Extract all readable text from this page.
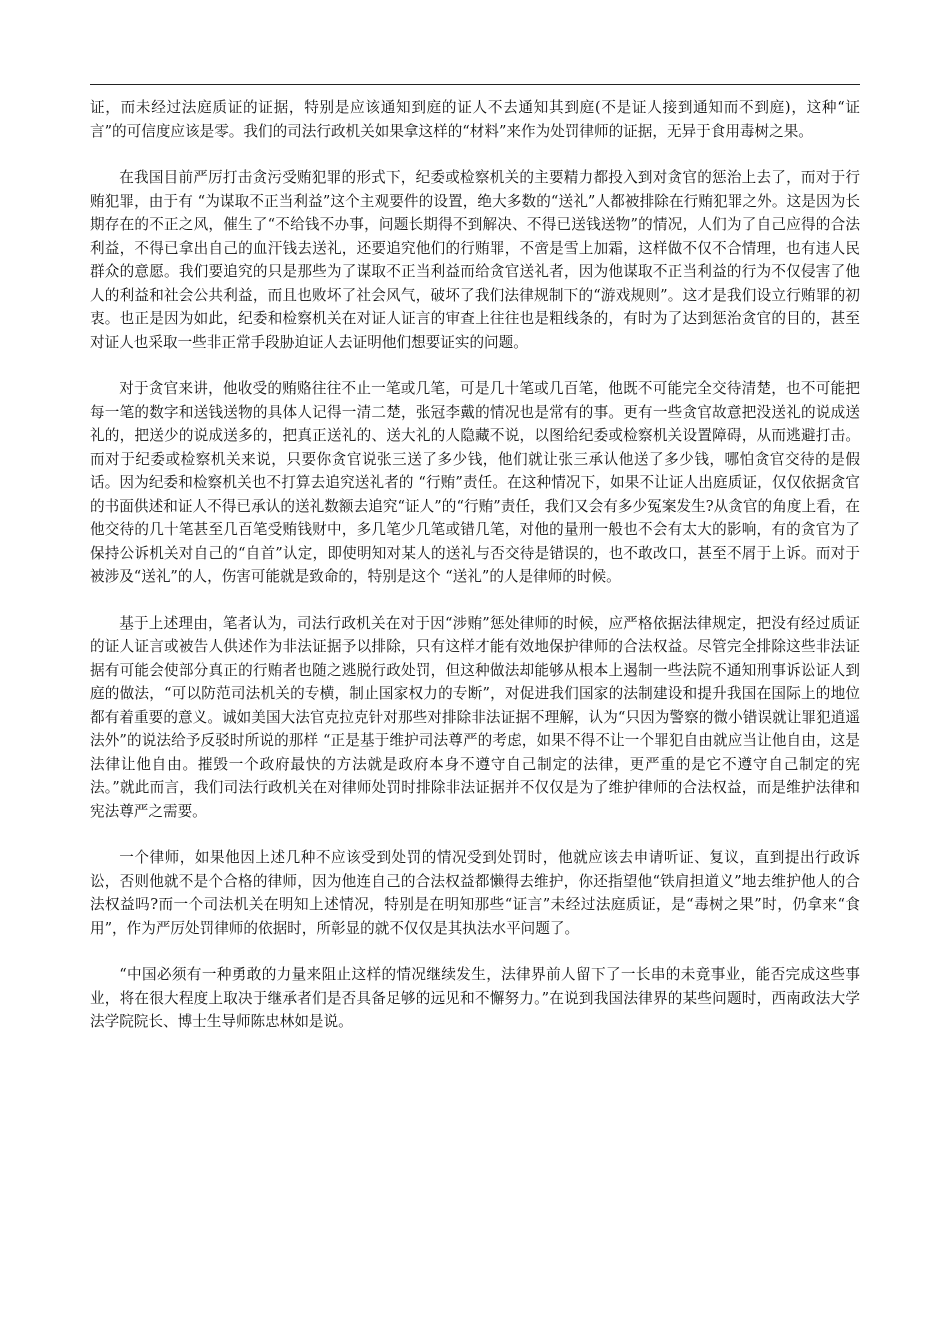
证，而未经过法庭质证的证据，特别是应该通知到庭的证人不去通知其到庭(不是证人接到通知而不到庭)，这种“证言”的可信度应该是零。我们的司法行政机关如果拿这样的“材料”来作为处罚律师的证据，无异于食用毒树之果。

在我国目前严厉打击贪污受贿犯罪的形式下，纪委或检察机关的主要精力都投入到对贪官的惩治上去了，而对于行贿犯罪，由于有 “为谋取不正当利益”这个主观要件的设置，绝大多数的“送礼”人都被排除在行贿犯罪之外。这是因为长期存在的不正之风，催生了“不给钱不办事，问题长期得不到解决、不得已送钱送物”的情况，人们为了自己应得的合法利益，不得已拿出自己的血汗钱去送礼，还要追究他们的行贿罪，不啻是雪上加霜，这样做不仅不合情理，也有违人民群众的意愿。我们要追究的只是那些为了谋取不正当利益而给贪官送礼者，因为他谋取不正当利益的行为不仅侵害了他人的利益和社会公共利益，而且也败坏了社会风气，破坏了我们法律规制下的“游戏规则”。这才是我们设立行贿罪的初衷。也正是因为如此，纪委和检察机关在对证人证言的审查上往往也是粗线条的，有时为了达到惩治贪官的目的，甚至对证人也采取一些非正常手段胁迫证人去证明他们想要证实的问题。

对于贪官来讲，他收受的贿赂往往不止一笔或几笔，可是几十笔或几百笔，他既不可能完全交待清楚，也不可能把每一笔的数字和送钱送物的具体人记得一清二楚，张冠李戴的情况也是常有的事。更有一些贪官故意把没送礼的说成送礼的，把送少的说成送多的，把真正送礼的、送大礼的人隐藏不说，以图给纪委或检察机关设置障碍，从而逃避打击。而对于纪委或检察机关来说，只要你贪官说张三送了多少钱，他们就让张三承认他送了多少钱，哪怕贪官交待的是假话。因为纪委和检察机关也不打算去追究送礼者的 “行贿”责任。在这种情况下，如果不让证人出庭质证，仅仅依据贪官的书面供述和证人不得已承认的送礼数额去追究“证人”的“行贿”责任，我们又会有多少冤案发生?从贪官的角度上看，在他交待的几十笔甚至几百笔受贿钱财中，多几笔少几笔或错几笔，对他的量刑一般也不会有太大的影响，有的贪官为了保持公诉机关对自己的“自首”认定，即使明知对某人的送礼与否交待是错误的，也不敢改口，甚至不屑于上诉。而对于被涉及“送礼”的人，伤害可能就是致命的，特别是这个 “送礼”的人是律师的时候。

基于上述理由，笔者认为，司法行政机关在对于因“涉贿”惩处律师的时候，应严格依据法律规定，把没有经过质证的证人证言或被告人供述作为非法证据予以排除，只有这样才能有效地保护律师的合法权益。尽管完全排除这些非法证据有可能会使部分真正的行贿者也随之逃脱行政处罚，但这种做法却能够从根本上遏制一些法院不通知刑事诉讼证人到庭的做法，“可以防范司法机关的专横，制止国家权力的专断”，对促进我们国家的法制建设和提升我国在国际上的地位都有着重要的意义。诚如美国大法官克拉克针对那些对排除非法证据不理解，认为“只因为警察的微小错误就让罪犯逍遥法外”的说法给予反驳时所说的那样 “正是基于维护司法尊严的考虑，如果不得不让一个罪犯自由就应当让他自由，这是法律让他自由。摧毁一个政府最快的方法就是政府本身不遵守自己制定的法律，更严重的是它不遵守自己制定的宪法。”就此而言，我们司法行政机关在对律师处罚时排除非法证据并不仅仅是为了维护律师的合法权益，而是维护法律和宪法尊严之需要。

一个律师，如果他因上述几种不应该受到处罚的情况受到处罚时，他就应该去申请听证、复议，直到提出行政诉讼，否则他就不是个合格的律师，因为他连自己的合法权益都懒得去维护，你还指望他“铁肩担道义”地去维护他人的合法权益吗?而一个司法机关在明知上述情况，特别是在明知那些“证言”未经过法庭质证，是“毒树之果”时，仍拿来“食用”，作为严厉处罚律师的依据时，所彰显的就不仅仅是其执法水平问题了。

“中国必须有一种勇敢的力量来阻止这样的情况继续发生，法律界前人留下了一长串的未竟事业，能否完成这些事业，将在很大程度上取决于继承者们是否具备足够的远见和不懈努力。”在说到我国法律界的某些问题时，西南政法大学法学院院长、博士生导师陈忠林如是说。
